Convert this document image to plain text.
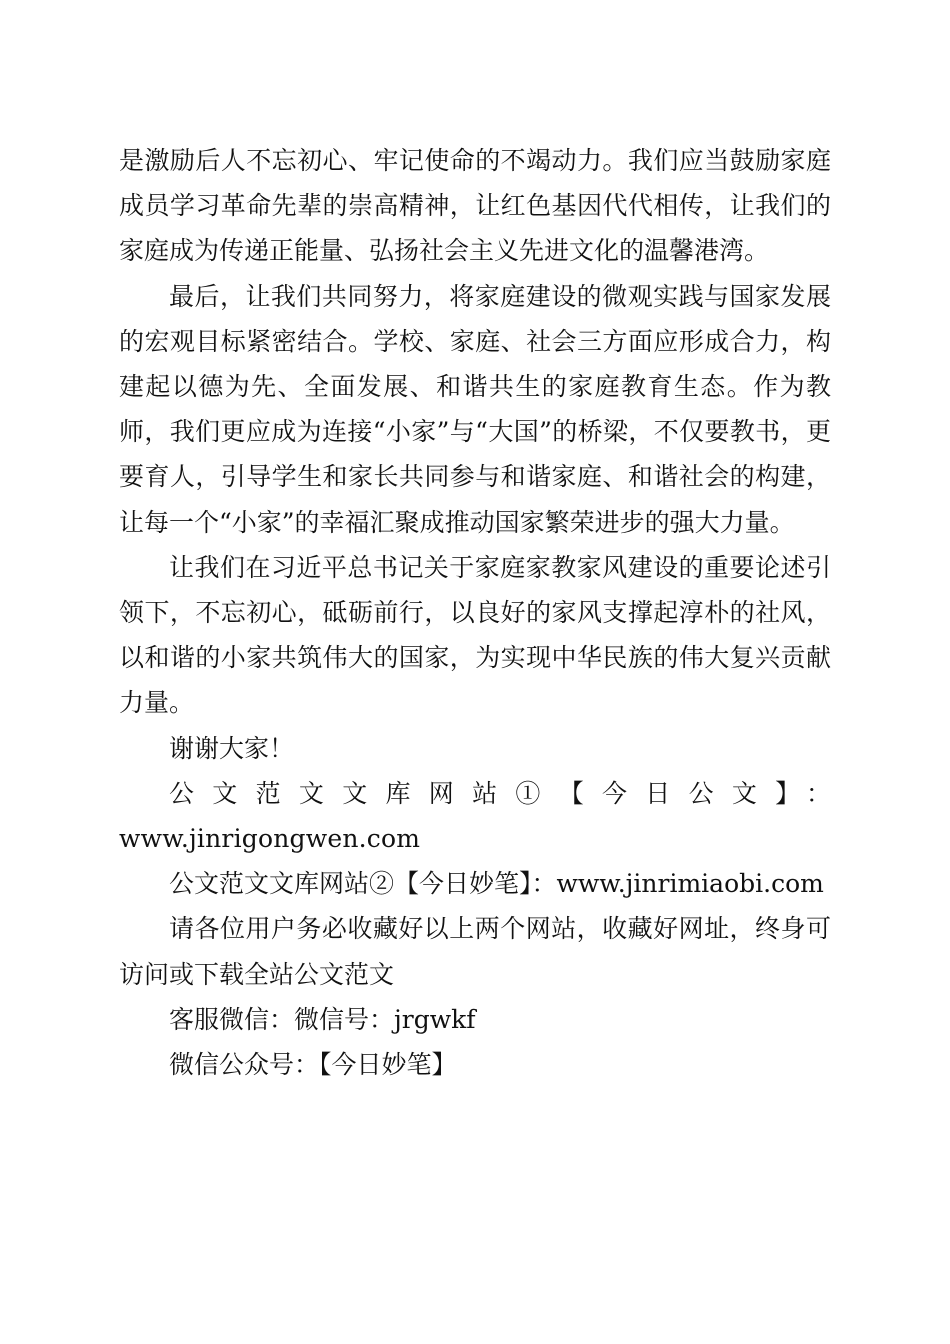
是激励后人不忘初心、牢记使命的不竭动力。我们应当鼓励家庭成员学习革命先辈的崇高精神，让红色基因代代相传，让我们的家庭成为传递正能量、弘扬社会主义先进文化的温馨港湾。

最后，让我们共同努力，将家庭建设的微观实践与国家发展的宏观目标紧密结合。学校、家庭、社会三方面应形成合力，构建起以德为先、全面发展、和谐共生的家庭教育生态。作为教师，我们更应成为连接“小家”与“大国”的桥梁，不仅要教书，更要育人，引导学生和家长共同参与和谐家庭、和谐社会的构建，让每一个“小家”的幸福汇聚成推动国家繁荣进步的强大力量。

让我们在习近平总书记关于家庭家教家风建设的重要论述引领下，不忘初心，砥砺前行，以良好的家风支撑起淳朴的社风，以和谐的小家共筑伟大的国家，为实现中华民族的伟大复兴贡献力量。

谢谢大家！

公文范文文库网站①【今日公文】：

www.jinrigongwen.com

公文范文文库网站②【今日妙笔】：www.jinrimiaobi.com

请各位用户务必收藏好以上两个网站，收藏好网址，终身可访问或下载全站公文范文

客服微信：微信号：jrgwkf

微信公众号：【今日妙笔】
